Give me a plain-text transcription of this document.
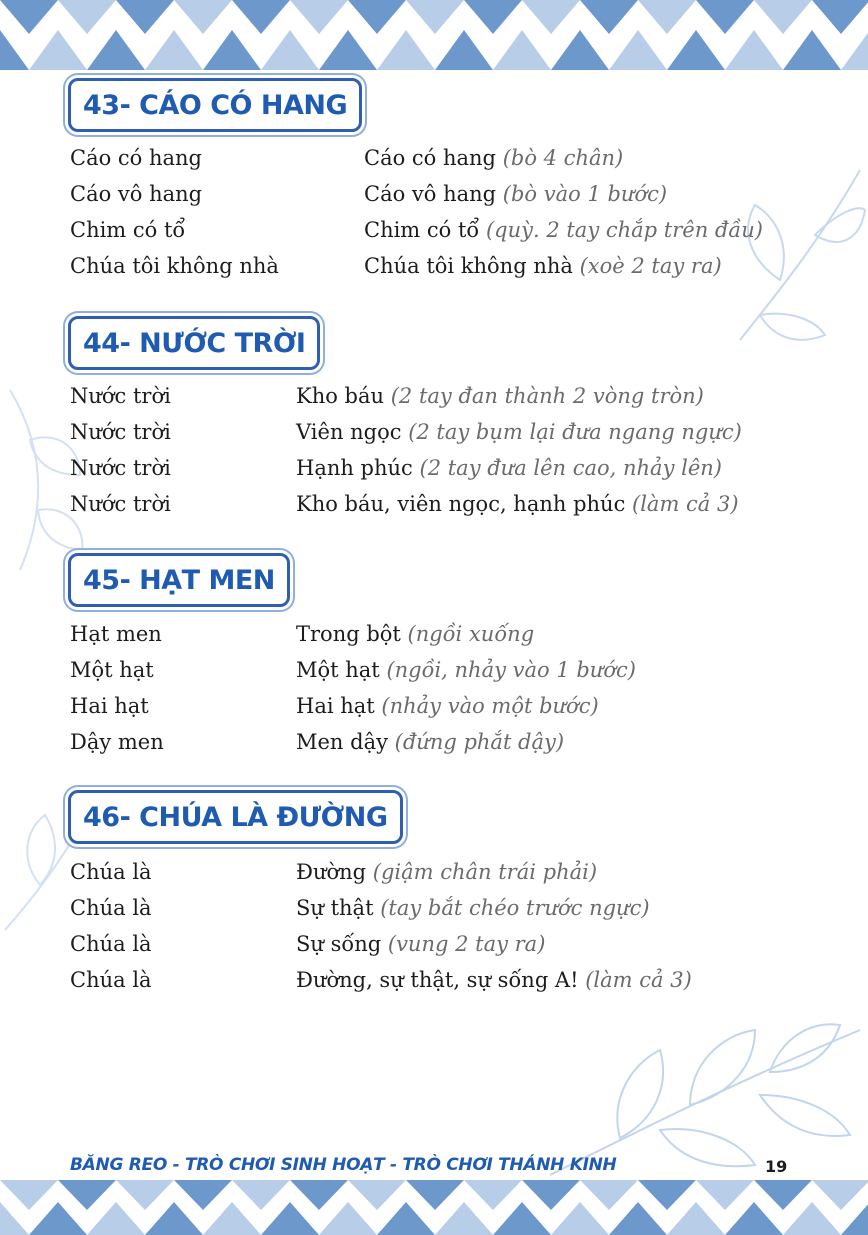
43- CÁO CÓ HANG
Cáo có hang	Cáo có hang (bò 4 chân)
Cáo vô hang	Cáo vô hang (bò vào 1 bước)
Chim có tổ	Chim có tổ (quỳ. 2 tay chắp trên đầu)
Chúa tôi không nhà	Chúa tôi không nhà (xoè 2 tay ra)
44- NƯỚC TRỜI
Nước trời	Kho báu (2 tay đan thành 2 vòng tròn)
Nước trời	Viên ngọc (2 tay bụm lại đưa ngang ngực)
Nước trời	Hạnh phúc (2 tay đưa lên cao, nhảy lên)
Nước trời	Kho báu, viên ngọc, hạnh phúc (làm cả 3)
45- HẠT MEN
Hạt men	Trong bột (ngồi xuống
Một hạt	Một hạt (ngồi, nhảy vào 1 bước)
Hai hạt	Hai hạt (nhảy vào một bước)
Dậy men	Men dậy (đứng phắt dậy)
46- CHÚA LÀ ĐƯỜNG
Chúa là	Đường (giậm chân trái phải)
Chúa là	Sự thật (tay bắt chéo trước ngực)
Chúa là	Sự sống (vung 2 tay ra)
Chúa là	Đường, sự thật, sự sống A! (làm cả 3)
BĂNG REO - TRÒ CHƠI SINH HOẠT - TRÒ CHƠI THÁNH KINH	19
